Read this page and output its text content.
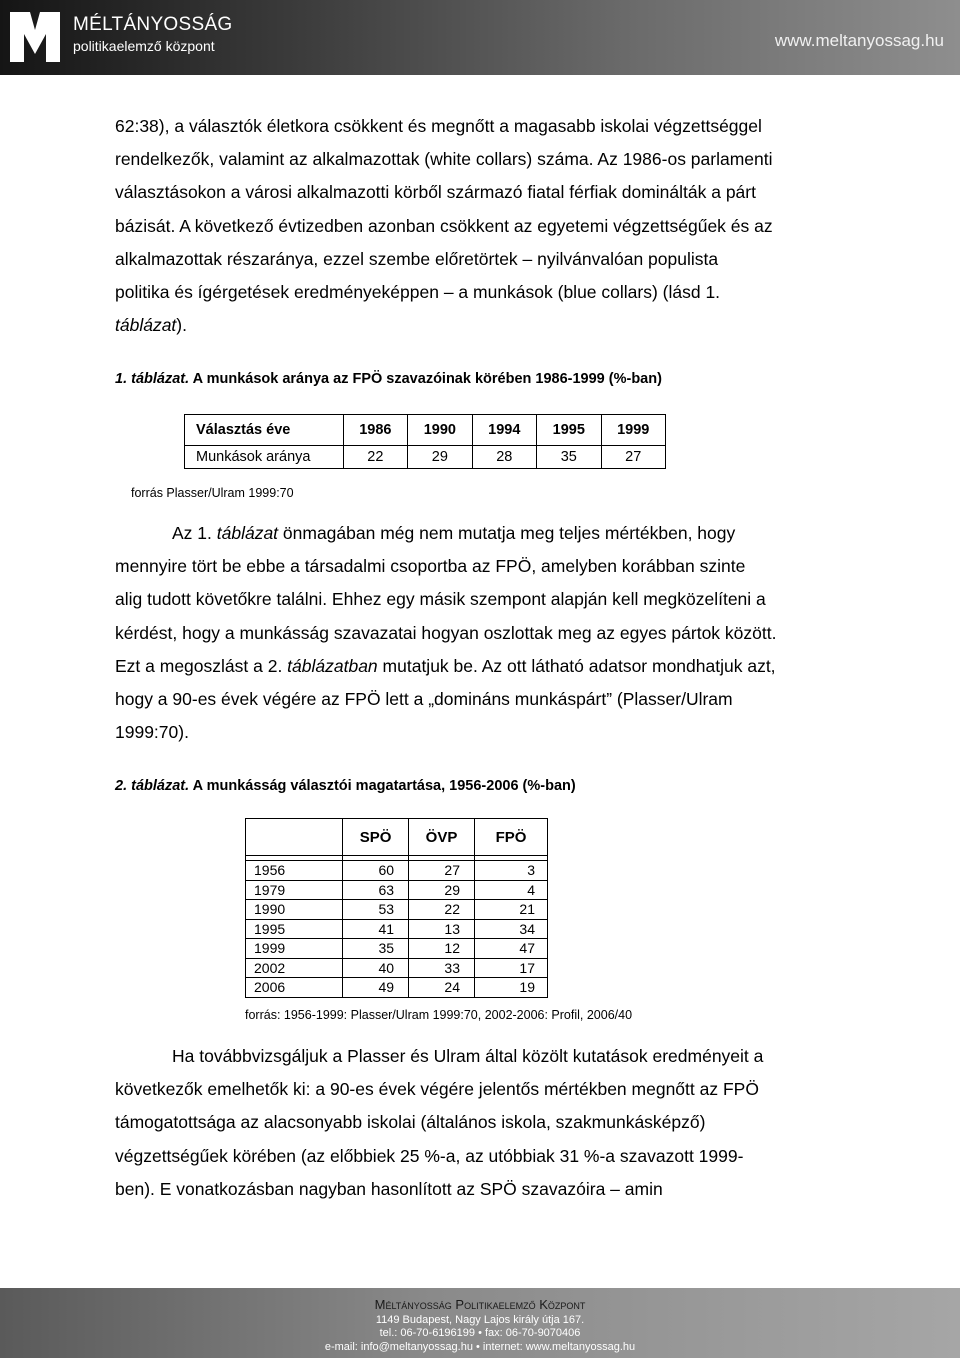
MÉLTÁNYOSSÁG
politikaelemző központ	www.meltanyossag.hu
62:38), a választók életkora csökkent és megnőtt a magasabb iskolai végzettséggel
rendelkezők, valamint az alkalmazottak (white collars) száma. Az 1986-os parlamenti
választásokon a városi alkalmazotti körből származó fiatal férfiak dominálták a párt
bázisát. A következő évtizedben azonban csökkent az egyetemi végzettségűek és az
alkalmazottak részaránya, ezzel szembe előretörtek – nyilvánvalóan populista
politika és ígérgetések eredményeképpen – a munkások (blue collars) (lásd 1.
táblázat).
1. táblázat. A munkások aránya az FPÖ szavazóinak körében 1986-1999 (%-ban)
Választás éve	1986	1990	1994	1995	1999
Munkások aránya	22	29	28	35	27
forrás Plasser/Ulram 1999:70
Az 1. táblázat önmagában még nem mutatja meg teljes mértékben, hogy
mennyire tört be ebbe a társadalmi csoportba az FPÖ, amelyben korábban szinte
alig tudott követőkre találni. Ehhez egy másik szempont alapján kell megközelíteni a
kérdést, hogy a munkásság szavazatai hogyan oszlottak meg az egyes pártok között.
Ezt a megoszlást a 2. táblázatban mutatjuk be. Az ott látható adatsor mondhatjuk azt,
hogy a 90-es évek végére az FPÖ lett a „domináns munkáspárt” (Plasser/Ulram
1999:70).
2. táblázat. A munkásság választói magatartása, 1956-2006 (%-ban)
	SPÖ	ÖVP	FPÖ

1956	60	27	3
1979	63	29	4
1990	53	22	21
1995	41	13	34
1999	35	12	47
2002	40	33	17
2006	49	24	19
forrás: 1956-1999: Plasser/Ulram 1999:70, 2002-2006: Profil, 2006/40
Ha továbbvizsgáljuk a Plasser és Ulram által közölt kutatások eredményeit a
következők emelhetők ki: a 90-es évek végére jelentős mértékben megnőtt az FPÖ
támogatottsága az alacsonyabb iskolai (általános iskola, szakmunkásképző)
végzettségűek körében (az előbbiek 25 %-a, az utóbbiak 31 %-a szavazott 1999-
ben). E vonatkozásban nagyban hasonlított az SPÖ szavazóira – amin
Méltányosság Politikaelemző Központ
1149 Budapest, Nagy Lajos király útja 167.
tel.: 06-70-6196199 • fax: 06-70-9070406
e-mail: info@meltanyossag.hu • internet: www.meltanyossag.hu
